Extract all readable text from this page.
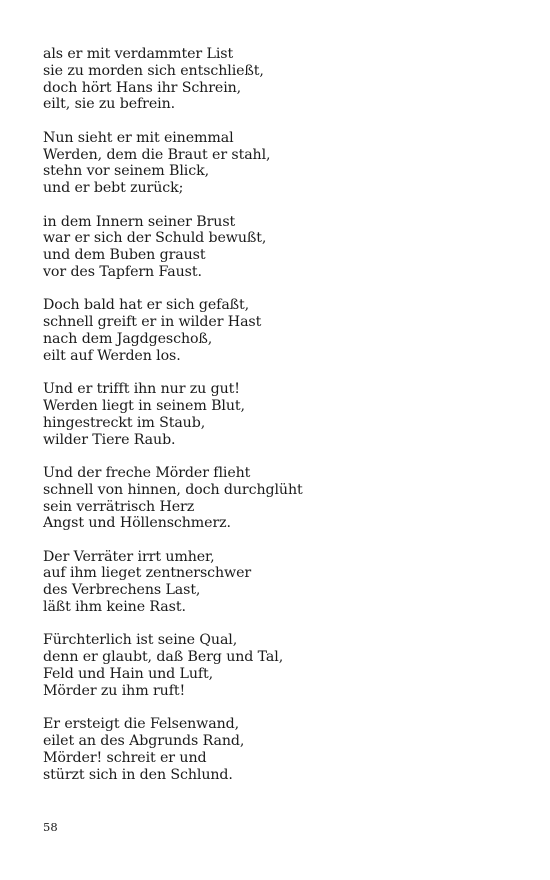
als er mit verdammter List
sie zu morden sich entschließt,
doch hört Hans ihr Schrein,
eilt, sie zu befrein.
Nun sieht er mit einemmal
Werden, dem die Braut er stahl,
stehn vor seinem Blick,
und er bebt zurück;
in dem Innern seiner Brust
war er sich der Schuld bewußt,
und dem Buben graust
vor des Tapfern Faust.
Doch bald hat er sich gefaßt,
schnell greift er in wilder Hast
nach dem Jagdgeschoß,
eilt auf Werden los.
Und er trifft ihn nur zu gut!
Werden liegt in seinem Blut,
hingestreckt im Staub,
wilder Tiere Raub.
Und der freche Mörder flieht
schnell von hinnen, doch durchglüht
sein verrätrisch Herz
Angst und Höllenschmerz.
Der Verräter irrt umher,
auf ihm lieget zentnerschwer
des Verbrechens Last,
läßt ihm keine Rast.
Fürchterlich ist seine Qual,
denn er glaubt, daß Berg und Tal,
Feld und Hain und Luft,
Mörder zu ihm ruft!
Er ersteigt die Felsenwand,
eilet an des Abgrunds Rand,
Mörder! schreit er und
stürzt sich in den Schlund.
58
